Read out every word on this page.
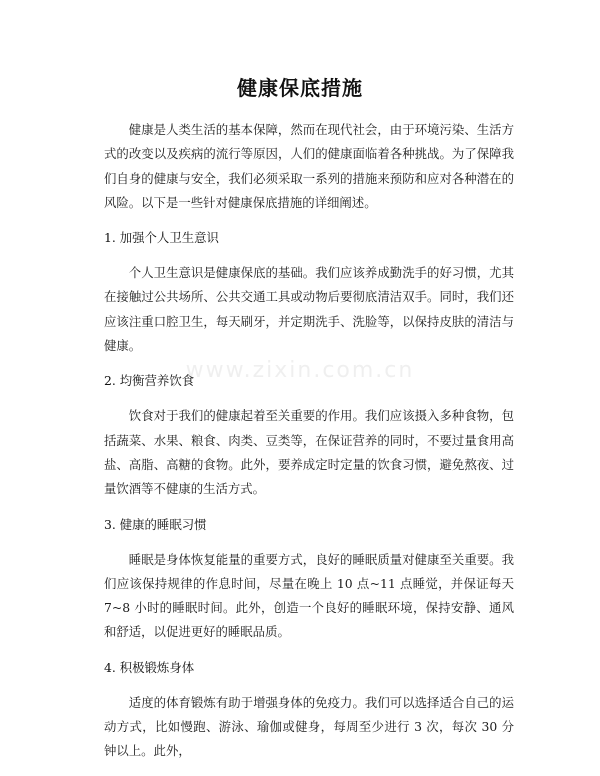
健康保底措施
www.zixin.com.cn

健康是人类生活的基本保障，然而在现代社会，由于环境污染、生活方式的改变以及疾病的流行等原因，人们的健康面临着各种挑战。为了保障我们自身的健康与安全，我们必须采取一系列的措施来预防和应对各种潜在的风险。以下是一些针对健康保底措施的详细阐述。

1. 加强个人卫生意识

个人卫生意识是健康保底的基础。我们应该养成勤洗手的好习惯，尤其在接触过公共场所、公共交通工具或动物后要彻底清洁双手。同时，我们还应该注重口腔卫生，每天刷牙，并定期洗手、洗脸等，以保持皮肤的清洁与健康。

2. 均衡营养饮食

饮食对于我们的健康起着至关重要的作用。我们应该摄入多种食物，包括蔬菜、水果、粮食、肉类、豆类等，在保证营养的同时，不要过量食用高盐、高脂、高糖的食物。此外，要养成定时定量的饮食习惯，避免熬夜、过量饮酒等不健康的生活方式。

3. 健康的睡眠习惯

睡眠是身体恢复能量的重要方式，良好的睡眠质量对健康至关重要。我们应该保持规律的作息时间，尽量在晚上 10 点~11 点睡觉，并保证每天 7~8 小时的睡眠时间。此外，创造一个良好的睡眠环境，保持安静、通风和舒适，以促进更好的睡眠品质。

4. 积极锻炼身体

适度的体育锻炼有助于增强身体的免疫力。我们可以选择适合自己的运动方式，比如慢跑、游泳、瑜伽或健身，每周至少进行 3 次，每次 30 分钟以上。此外，
